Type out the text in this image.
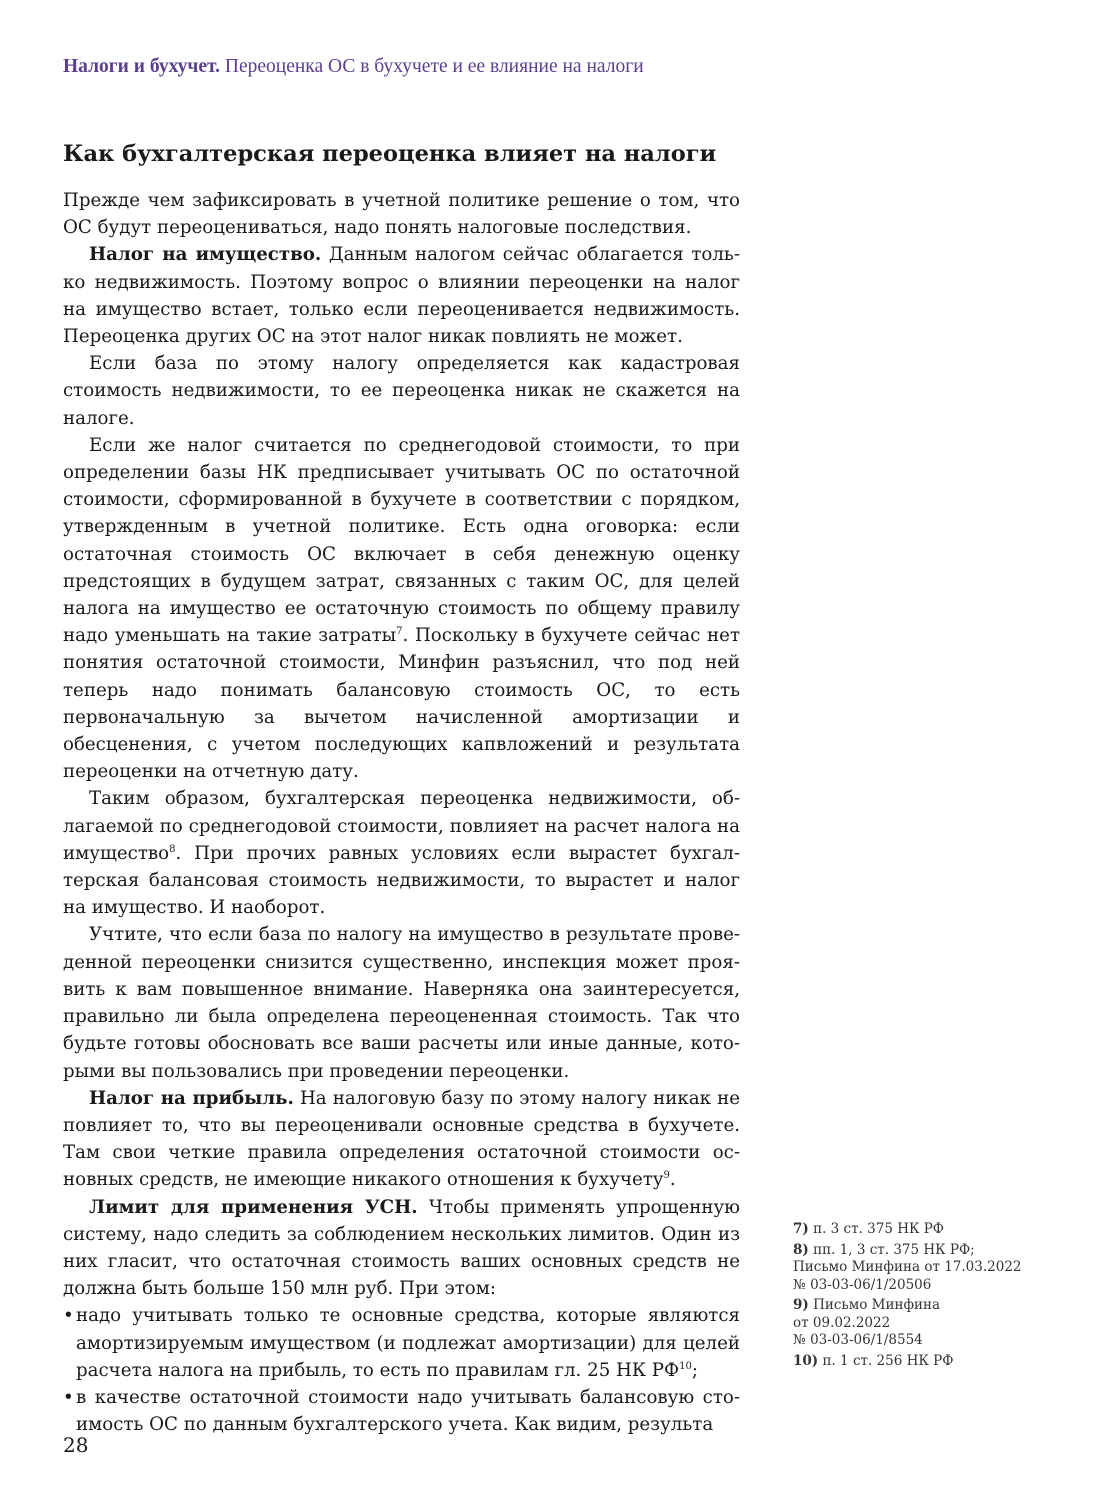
Налоги и бухучет. Переоценка ОС в бухучете и ее влияние на налоги
Как бухгалтерская переоценка влияет на налоги

Прежде чем зафиксировать в учетной политике решение о том, что ОС будут переоцениваться, надо понять налоговые последствия.

Налог на имущество. Данным налогом сейчас облагается только недвижимость. Поэтому вопрос о влиянии переоценки на налог на имущество встает, только если переоценивается недвижимость. Переоценка других ОС на этот налог никак повлиять не может.

Если база по этому налогу определяется как кадастровая стоимость недвижимости, то ее переоценка никак не скажется на налоге.

Если же налог считается по среднегодовой стоимости, то при определении базы НК предписывает учитывать ОС по остаточной стоимости, сформированной в бухучете в соответствии с порядком, утвержденным в учетной политике. Есть одна оговорка: если остаточная стоимость ОС включает в себя денежную оценку предстоящих в будущем затрат, связанных с таким ОС, для целей налога на имущество ее остаточную стоимость по общему правилу надо уменьшать на такие затраты$^7$. Поскольку в бухучете сейчас нет понятия остаточной стоимости, Минфин разъяснил, что под ней теперь надо понимать балансовую стоимость ОС, то есть первоначальную за вычетом начисленной амортизации и обесценения, с учетом последующих капвложений и результата переоценки на отчетную дату.

Таким образом, бухгалтерская переоценка недвижимости, облагаемой по среднегодовой стоимости, повлияет на расчет налога на имущество$^8$. При прочих равных условиях если вырастет бухгалтерская балансовая стоимость недвижимости, то вырастет и налог на имущество. И наоборот.

Учтите, что если база по налогу на имущество в результате проведенной переоценки снизится существенно, инспекция может проявить к вам повышенное внимание. Наверняка она заинтересуется, правильно ли была определена переоцененная стоимость. Так что будьте готовы обосновать все ваши расчеты или иные данные, которыми вы пользовались при проведении переоценки.

Налог на прибыль. На налоговую базу по этому налогу никак не повлияет то, что вы переоценивали основные средства в бухучете. Там свои четкие правила определения остаточной стоимости основных средств, не имеющие никакого отношения к бухучету$^9$.

Лимит для применения УСН. Чтобы применять упрощенную систему, надо следить за соблюдением нескольких лимитов. Один из них гласит, что остаточная стоимость ваших основных средств не должна быть больше 150 млн руб. При этом:

• надо учитывать только те основные средства, которые являются амортизируемым имуществом (и подлежат амортизации) для целей расчета налога на прибыль, то есть по правилам гл. 25 НК РФ$^{10}$;
• в качестве остаточной стоимости надо учитывать балансовую стоимость ОС по данным бухгалтерского учета. Как видим, результа
7) п. 3 ст. 375 НК РФ
8) пп. 1, 3 ст. 375 НК РФ;
Письмо Минфина от 17.03.2022
№ 03-03-06/1/20506
9) Письмо Минфина
от 09.02.2022
№ 03-03-06/1/8554
10) п. 1 ст. 256 НК РФ
28
